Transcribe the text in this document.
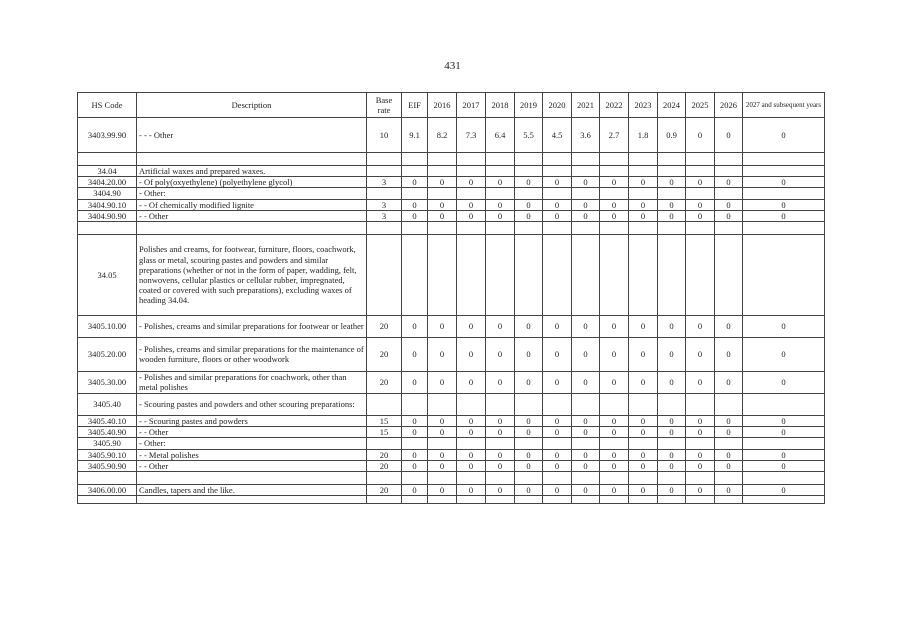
431
HS Code	Description	Base rate	EIF	2016	2017	2018	2019	2020	2021	2022	2023	2024	2025	2026	2027 and subsequent years
3403.99.90	- - - Other	10	9.1	8.2	7.3	6.4	5.5	4.5	3.6	2.7	1.8	0.9	0	0	0

34.04	Artificial waxes and prepared waxes.														
3404.20.00	- Of poly(oxyethylene) (polyethylene glycol)	3	0	0	0	0	0	0	0	0	0	0	0	0	0
3404.90	- Other:														
3404.90.10	- - Of chemically modified lignite	3	0	0	0	0	0	0	0	0	0	0	0	0	0
3404.90.90	- - Other	3	0	0	0	0	0	0	0	0	0	0	0	0	0

34.05	Polishes and creams, for footwear, furniture, floors, coachwork, glass or metal, scouring pastes and powders and similar preparations (whether or not in the form of paper, wadding, felt, nonwovens, cellular plastics or cellular rubber, impregnated, coated or covered with such preparations), excluding waxes of heading 34.04.														
3405.10.00	- Polishes, creams and similar preparations for footwear or leather	20	0	0	0	0	0	0	0	0	0	0	0	0	0
3405.20.00	- Polishes, creams and similar preparations for the maintenance of wooden furniture, floors or other woodwork	20	0	0	0	0	0	0	0	0	0	0	0	0	0
3405.30.00	- Polishes and similar preparations for coachwork, other than metal polishes	20	0	0	0	0	0	0	0	0	0	0	0	0	0
3405.40	- Scouring pastes and powders and other scouring preparations:														
3405.40.10	- - Scouring pastes and powders	15	0	0	0	0	0	0	0	0	0	0	0	0	0
3405.40.90	- - Other	15	0	0	0	0	0	0	0	0	0	0	0	0	0
3405.90	- Other:														
3405.90.10	- - Metal polishes	20	0	0	0	0	0	0	0	0	0	0	0	0	0
3405.90.90	- - Other	20	0	0	0	0	0	0	0	0	0	0	0	0	0

3406.00.00	Candles, tapers and the like.	20	0	0	0	0	0	0	0	0	0	0	0	0	0
